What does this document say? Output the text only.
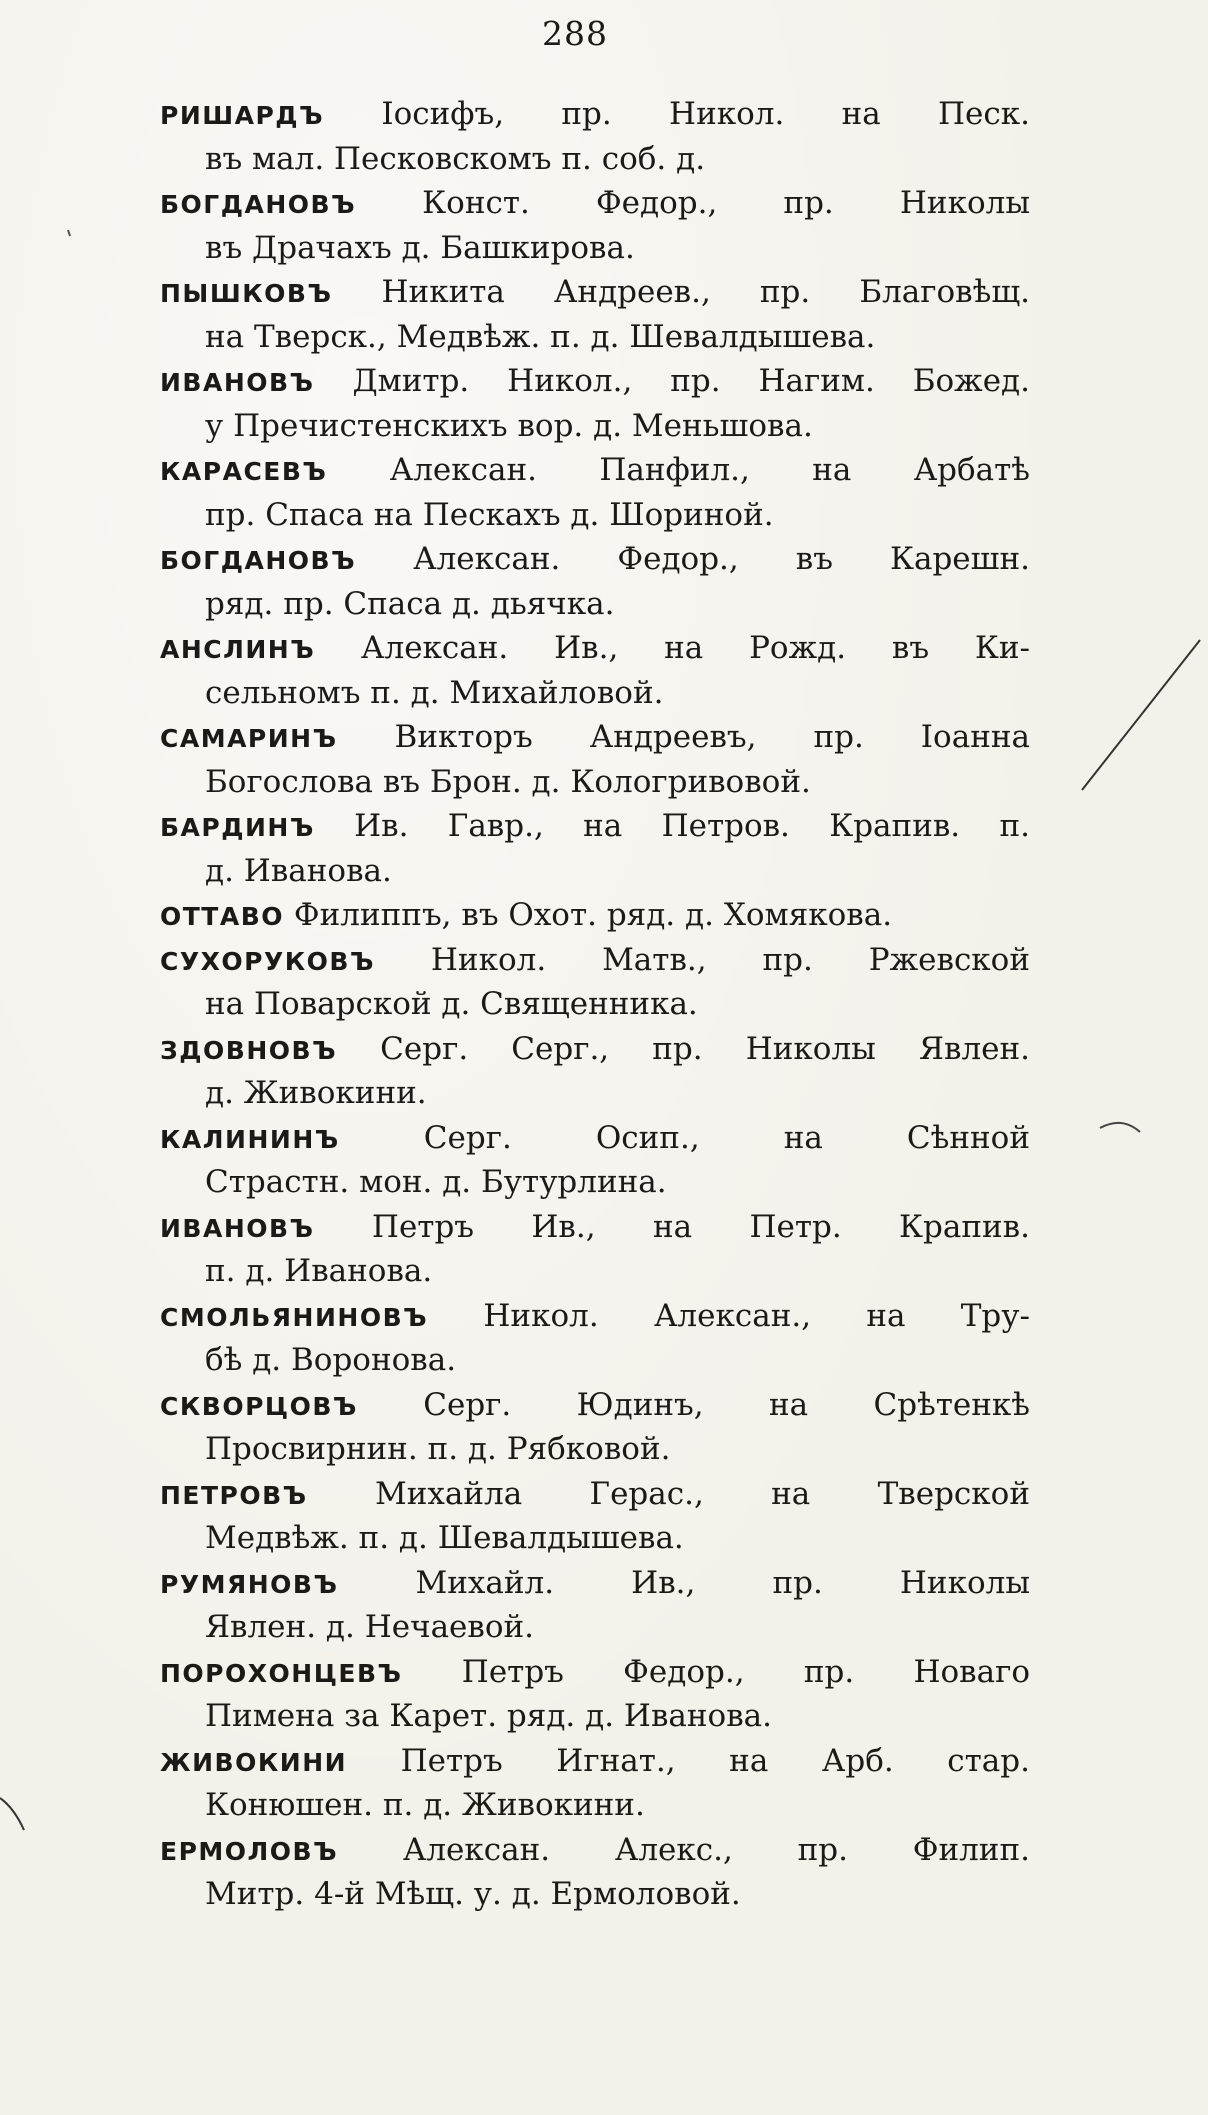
288
РИШАРДЪ Іосифъ, пр. Никол. на Песк.
въ мал. Песковскомъ п. соб. д.
БОГДАНОВЪ Конст. Федор., пр. Николы
въ Драчахъ д. Башкирова.
ПЫШКОВЪ Никита Андреев., пр. Благовѣщ.
на Тверск., Медвѣж. п. д. Шевалдышева.
ИВАНОВЪ Дмитр. Никол., пр. Нагим. Божед.
у Пречистенскихъ вор. д. Меньшова.
КАРАСЕВЪ Алексан. Панфил., на Арбатѣ
пр. Спаса на Пескахъ д. Шориной.
БОГДАНОВЪ Алексан. Федор., въ Карешн.
ряд. пр. Спаса д. дьячка.
АНСЛИНЪ Алексан. Ив., на Рожд. въ Ки-
сельномъ п. д. Михайловой.
САМАРИНЪ Викторъ Андреевъ, пр. Іоанна
Богослова въ Брон. д. Кологривовой.
БАРДИНЪ Ив. Гавр., на Петров. Крапив. п.
д. Иванова.
ОТТАВО Филиппъ, въ Охот. ряд. д. Хомякова.
СУХОРУКОВЪ Никол. Матв., пр. Ржевской
на Поварской д. Священника.
ЗДОВНОВЪ Серг. Серг., пр. Николы Явлен.
д. Живокини.
КАЛИНИНЪ Серг. Осип., на Сѣнной
Страстн. мон. д. Бутурлина.
ИВАНОВЪ Петръ Ив., на Петр. Крапив.
п. д. Иванова.
СМОЛЬЯНИНОВЪ Никол. Алексан., на Тру-
бѣ д. Воронова.
СКВОРЦОВЪ Серг. Юдинъ, на Срѣтенкѣ
Просвирнин. п. д. Рябковой.
ПЕТРОВЪ Михайла Герас., на Тверской
Медвѣж. п. д. Шевалдышева.
РУМЯНОВЪ Михайл. Ив., пр. Николы
Явлен. д. Нечаевой.
ПОРОХОНЦЕВЪ Петръ Федор., пр. Новаго
Пимена за Карет. ряд. д. Иванова.
ЖИВОКИНИ Петръ Игнат., на Арб. стар.
Конюшен. п. д. Живокини.
ЕРМОЛОВЪ Алексан. Алекс., пр. Филип.
Митр. 4-й Мѣщ. у. д. Ермоловой.
